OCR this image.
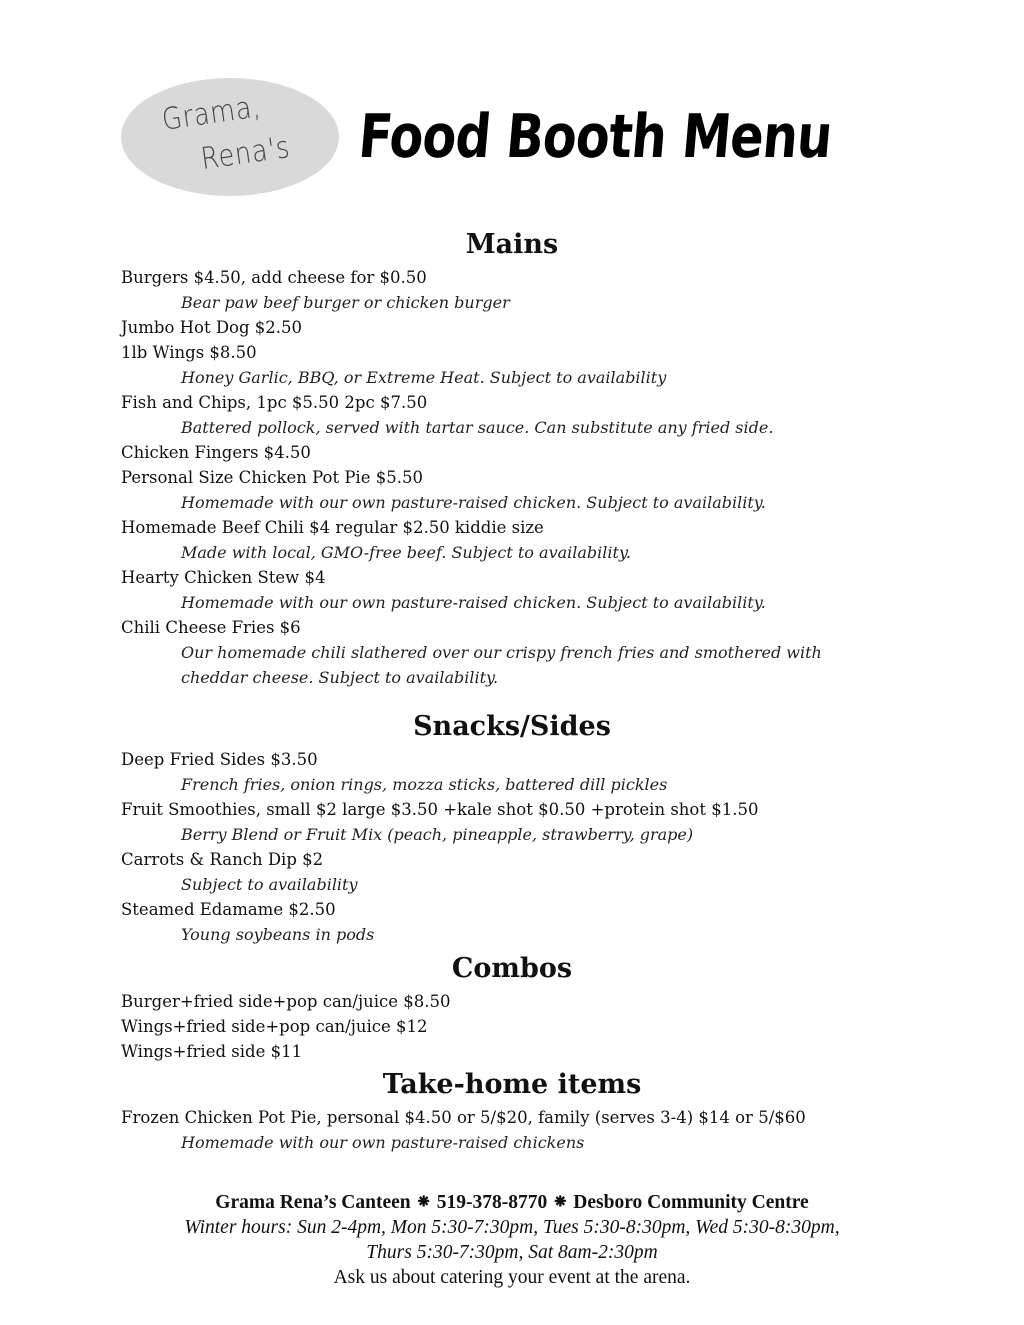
Grama,
Rena's Food Booth Menu
Mains
Burgers $4.50, add cheese for $0.50
Bear paw beef burger or chicken burger
Jumbo Hot Dog $2.50
1lb Wings $8.50
Honey Garlic, BBQ, or Extreme Heat. Subject to availability
Fish and Chips, 1pc $5.50 2pc $7.50
Battered pollock, served with tartar sauce. Can substitute any fried side.
Chicken Fingers $4.50
Personal Size Chicken Pot Pie $5.50
Homemade with our own pasture-raised chicken. Subject to availability.
Homemade Beef Chili $4 regular $2.50 kiddie size
Made with local, GMO-free beef. Subject to availability.
Hearty Chicken Stew $4
Homemade with our own pasture-raised chicken. Subject to availability.
Chili Cheese Fries $6
Our homemade chili slathered over our crispy french fries and smothered with cheddar cheese. Subject to availability.
Snacks/Sides
Deep Fried Sides $3.50
French fries, onion rings, mozza sticks, battered dill pickles
Fruit Smoothies, small $2 large $3.50 +kale shot $0.50 +protein shot $1.50
Berry Blend or Fruit Mix (peach, pineapple, strawberry, grape)
Carrots & Ranch Dip $2
Subject to availability
Steamed Edamame $2.50
Young soybeans in pods
Combos
Burger+fried side+pop can/juice $8.50
Wings+fried side+pop can/juice $12
Wings+fried side $11
Take-home items
Frozen Chicken Pot Pie, personal $4.50 or 5/$20, family (serves 3-4) $14 or 5/$60
Homemade with our own pasture-raised chickens
Grama Rena’s Canteen ⁕ 519-378-8770 ⁕ Desboro Community Centre
Winter hours: Sun 2-4pm, Mon 5:30-7:30pm, Tues 5:30-8:30pm, Wed 5:30-8:30pm,
Thurs 5:30-7:30pm, Sat 8am-2:30pm
Ask us about catering your event at the arena.
